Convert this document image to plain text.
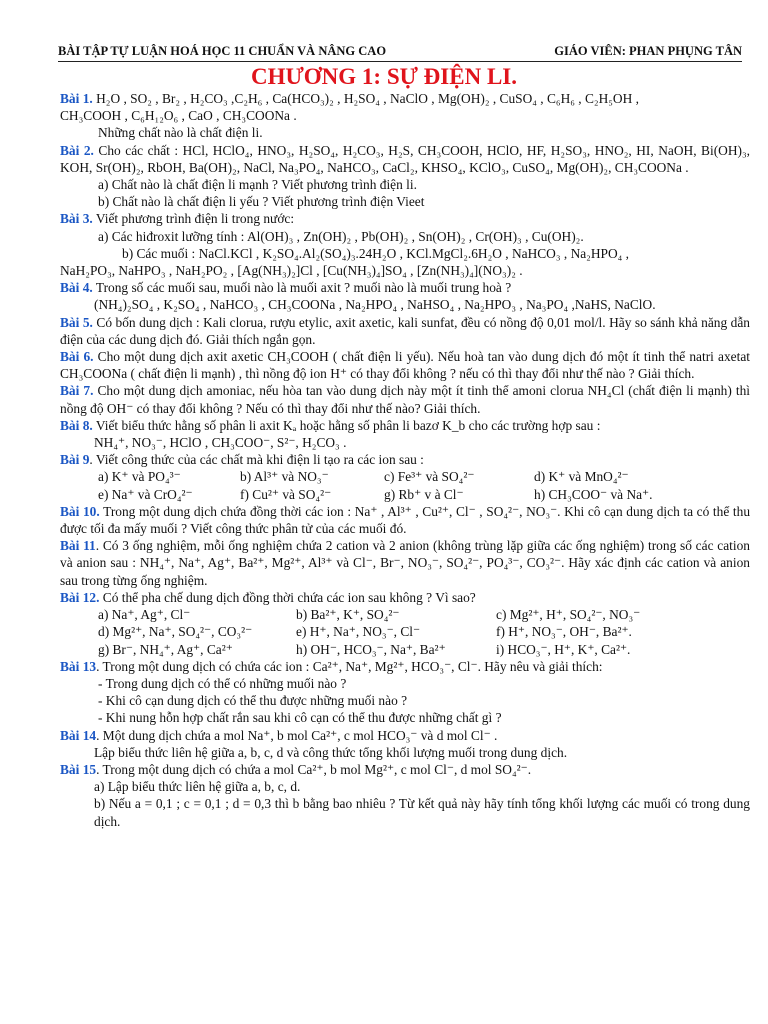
BÀI TẬP TỰ LUẬN HOÁ HỌC 11 CHUẨN VÀ NÂNG CAO	GIÁO VIÊN: PHAN PHỤNG TÂN
CHƯƠNG 1: SỰ ĐIỆN LI.

Bài 1. H₂O , SO₂ , Br₂ , H₂CO₃ ,C₂H₆ , Ca(HCO₃)₂ , H₂SO₄ , NaClO , Mg(OH)₂ , CuSO₄ , C₆H₆ , C₂H₅OH ,

CH₃COOH , C₆H₁₂O₆ , CaO , CH₃COONa .

Những chất nào là chất điện li.

Bài 2. Cho các chất : HCl, HClO₄, HNO₃, H₂SO₄, H₂CO₃, H₂S, CH₃COOH, HClO, HF, H₂SO₃, HNO₂, HI, NaOH, Bi(OH)₃, KOH, Sr(OH)₂, RbOH, Ba(OH)₂, NaCl, Na₃PO₄, NaHCO₃, CaCl₂, KHSO₄, KClO₃, CuSO₄, Mg(OH)₂, CH₃COONa .

a) Chất nào là chất điện li mạnh ? Viết phương trình điện li.

b) Chất nào là chất điện li yếu ? Viết phương trình điện Vieet

Bài 3. Viết phương trình điện li trong nước:

a) Các hiđroxit lưỡng tính : Al(OH)₃ , Zn(OH)₂ , Pb(OH)₂ , Sn(OH)₂ , Cr(OH)₃ , Cu(OH)₂.

b) Các muối : NaCl.KCl , K₂SO₄.Al₂(SO₄)₃.24H₂O , KCl.MgCl₂.6H₂O , NaHCO₃ , Na₂HPO₄ ,

NaH₂PO₃, NaHPO₃ , NaH₂PO₂ , [Ag(NH₃)₂]Cl , [Cu(NH₃)₄]SO₄ , [Zn(NH₃)₄](NO₃)₂ .

Bài 4. Trong số các muối sau, muối nào là muối axit ? muối nào là muối trung hoà ?

(NH₄)₂SO₄ , K₂SO₄ , NaHCO₃ , CH₃COONa , Na₂HPO₄ , NaHSO₄ , Na₂HPO₃ , Na₃PO₄ ,NaHS, NaClO.

Bài 5. Có bốn dung dịch : Kali clorua, rượu etylic, axit axetic, kali sunfat, đều có nồng độ 0,01 mol/l. Hãy so sánh khả năng dẫn điện của các dung dịch đó. Giải thích ngắn gọn.

Bài 6. Cho một dung dịch axit axetic CH₃COOH ( chất điện li yếu). Nếu hoà tan vào dung dịch đó một ít tinh thể natri axetat CH₃COONa ( chất điện li mạnh) , thì nồng độ ion H⁺ có thay đổi không ? nếu có thì thay đổi như thế nào ? Giải thích.

Bài 7. Cho một dung dịch amoniac, nếu hòa tan vào dung dịch này một ít tinh thể amoni clorua NH₄Cl (chất điện li mạnh) thì nồng độ OH⁻ có thay đổi không ? Nếu có thì thay đổi như thế nào? Giải thích.

Bài 8. Viết biểu thức hằng số phân li axit Kₐ hoặc hằng số phân li bazơ K_b cho các trường hợp sau :

NH₄⁺, NO₃⁻, HClO , CH₃COO⁻, S²⁻, H₂CO₃ .

Bài 9. Viết công thức của các chất mà khi điện li tạo ra các ion sau :

a) K⁺ và PO₄³⁻	b) Al³⁺ và NO₃⁻	c) Fe³⁺ và SO₄²⁻	d) K⁺ và MnO₄²⁻
e) Na⁺ và CrO₄²⁻	f) Cu²⁺ và SO₄²⁻	g) Rb⁺ v à Cl⁻	h) CH₃COO⁻ và Na⁺.

Bài 10. Trong một dung dịch chứa đồng thời các ion : Na⁺ , Al³⁺ , Cu²⁺, Cl⁻ , SO₄²⁻, NO₃⁻. Khi cô cạn dung dịch ta có thể thu được tối đa mấy muối ? Viết công thức phân tử của các muối đó.

Bài 11. Có 3 ống nghiệm, mỗi ống nghiệm chứa 2 cation và 2 anion (không trùng lặp giữa các ống nghiệm) trong số các cation và anion sau : NH₄⁺, Na⁺, Ag⁺, Ba²⁺, Mg²⁺, Al³⁺ và Cl⁻, Br⁻, NO₃⁻, SO₄²⁻, PO₄³⁻, CO₃²⁻. Hãy xác định các cation và anion sau trong từng ống nghiệm.

Bài 12. Có thể pha chế dung dịch đồng thời chứa các ion sau không ? Vì sao?

a) Na⁺, Ag⁺, Cl⁻	b) Ba²⁺, K⁺, SO₄²⁻	c) Mg²⁺, H⁺, SO₄²⁻, NO₃⁻
d) Mg²⁺, Na⁺, SO₄²⁻, CO₃²⁻	e) H⁺, Na⁺, NO₃⁻, Cl⁻	f) H⁺, NO₃⁻, OH⁻, Ba²⁺.
g) Br⁻, NH₄⁺, Ag⁺, Ca²⁺	h) OH⁻, HCO₃⁻, Na⁺, Ba²⁺	i) HCO₃⁻, H⁺, K⁺, Ca²⁺.

Bài 13. Trong một dung dịch có chứa các ion : Ca²⁺, Na⁺, Mg²⁺, HCO₃⁻, Cl⁻. Hãy nêu và giải thích:

- Trong dung dịch có thể có những muối nào ?

- Khi cô cạn dung dịch có thể thu được những muối nào ?

- Khi nung hỗn hợp chất rắn sau khi cô cạn có thể thu được những chất gì ?

Bài 14. Một dung dịch chứa a mol Na⁺, b mol Ca²⁺, c mol HCO₃⁻ và d mol Cl⁻ .

Lập biểu thức liên hệ giữa a, b, c, d và công thức tổng khối lượng muối trong dung dịch.

Bài 15. Trong một dung dịch có chứa a mol Ca²⁺, b mol Mg²⁺, c mol Cl⁻, d mol SO₄²⁻.

a) Lập biểu thức liên hệ giữa a, b, c, d.

b) Nếu a = 0,1 ; c = 0,1 ; d = 0,3 thì b bằng bao nhiêu ? Từ kết quả này hãy tính tổng khối lượng các muối có trong dung dịch.
